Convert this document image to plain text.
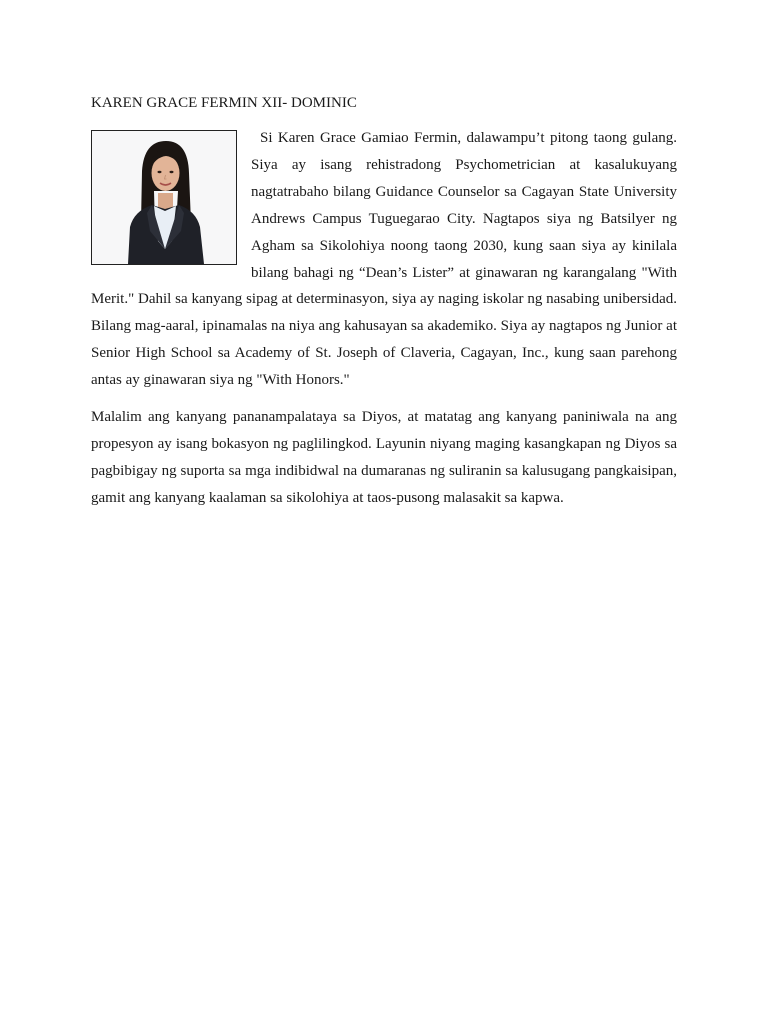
KAREN GRACE FERMIN XII- DOMINIC

Si Karen Grace Gamiao Fermin, dalawampu’t pitong taong gulang. Siya ay isang rehistradong Psychometrician at kasalukuyang nagtatrabaho bilang Guidance Counselor sa Cagayan State University Andrews Campus Tuguegarao City. Nagtapos siya ng Batsilyer ng Agham sa Sikolohiya noong taong 2030, kung saan siya ay kinilala bilang bahagi ng “Dean’s Lister” at ginawaran ng karangalang "With Merit." Dahil sa kanyang sipag at determinasyon, siya ay naging iskolar ng nasabing unibersidad. Bilang mag-aaral, ipinamalas na niya ang kahusayan sa akademiko. Siya ay nagtapos ng Junior at Senior High School sa Academy of St. Joseph of Claveria, Cagayan, Inc., kung saan parehong antas ay ginawaran siya ng "With Honors."

Malalim ang kanyang pananampalataya sa Diyos, at matatag ang kanyang paniniwala na ang propesyon ay isang bokasyon ng paglilingkod. Layunin niyang maging kasangkapan ng Diyos sa pagbibigay ng suporta sa mga indibidwal na dumaranas ng suliranin sa kalusugang pangkaisipan, gamit ang kanyang kaalaman sa sikolohiya at taos-pusong malasakit sa kapwa.
